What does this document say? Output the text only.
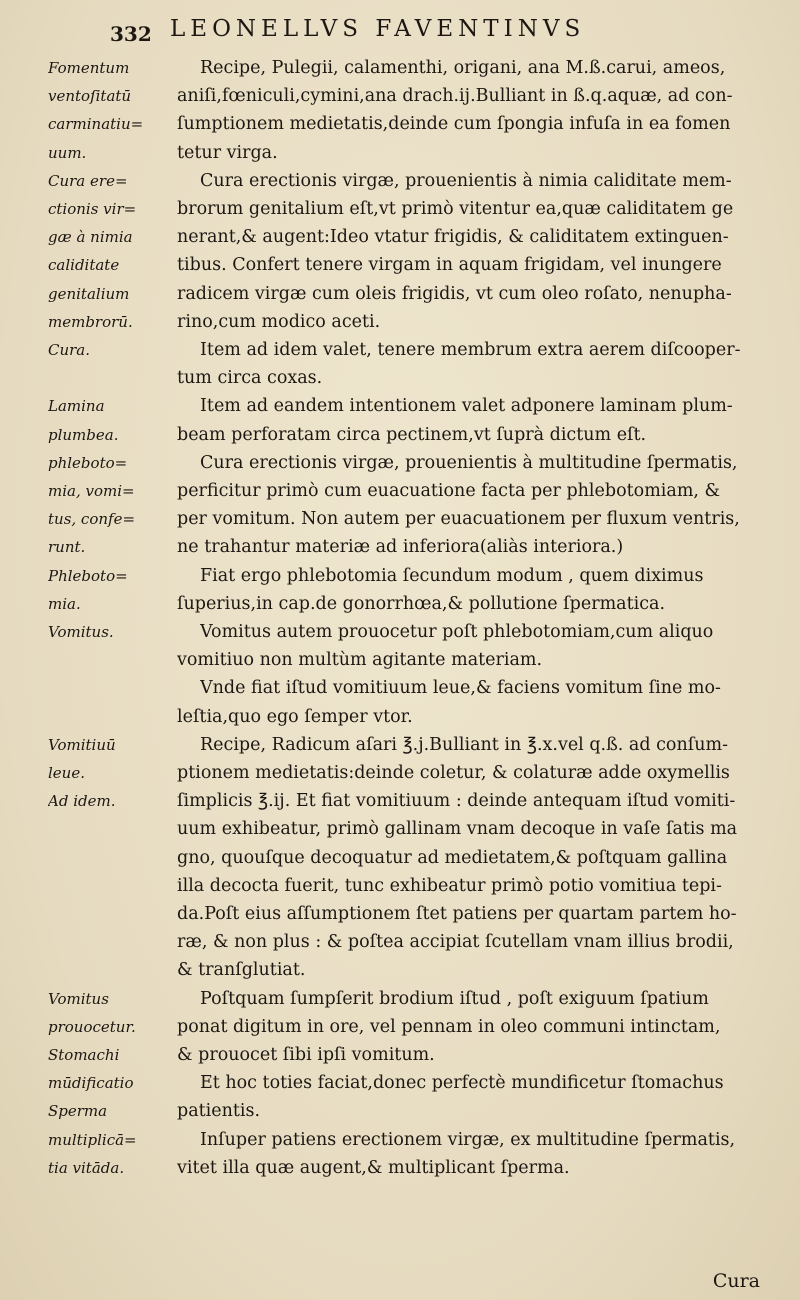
332 LEONELLVS FAVENTINVS
Fomentum	Recipe, Pulegii, calamenthi, origani, ana M.ß.carui, ameos,
ventoſitatū	aniſi,fœniculi,cymini,ana drach.ij.Bulliant in ß.q.aquæ, ad con-
carminatiu=	ſumptionem medietatis,deinde cum ſpongia infuſa in ea fomen
uum.	tetur virga.
Cura ere=	Cura erectionis virgæ, prouenientis à nimia caliditate mem-
ctionis vir=	brorum genitalium eſt,vt primò vitentur ea,quæ caliditatem ge
gæ à nimia	nerant,& augent:Ideo vtatur frigidis, & caliditatem extinguen-
caliditate	tibus. Confert tenere virgam in aquam frigidam, vel inungere
genitalium	radicem virgæ cum oleis frigidis, vt cum oleo roſato, nenupha-
membrorū.	rino,cum modico aceti.
Cura.	Item ad idem valet, tenere membrum extra aerem diſcooper-
tum circa coxas.
Lamina	Item ad eandem intentionem valet adponere laminam plum-
plumbea.	beam perforatam circa pectinem,vt ſuprà dictum eſt.
phleboto=	Cura erectionis virgæ, prouenientis à multitudine ſpermatis,
mia, vomi=	perficitur primò cum euacuatione facta per phlebotomiam, &
tus, confe=	per vomitum. Non autem per euacuationem per fluxum ventris,
runt.	ne trahantur materiæ ad inferiora(aliàs interiora.)
Phleboto=	Fiat ergo phlebotomia ſecundum modum , quem diximus
mia.	ſuperius,in cap.de gonorrhœa,& pollutione ſpermatica.
Vomitus.	Vomitus autem prouocetur poſt phlebotomiam,cum aliquo
vomitiuo non multùm agitante materiam.
Vnde fiat iſtud vomitiuum leue,& faciens vomitum ſine mo-
leſtia,quo ego ſemper vtor.
Vomitiuū	Recipe, Radicum aſari ℥.j.Bulliant in ℥.x.vel q.ß. ad conſum-
leue.	ptionem medietatis:deinde coletur, & colaturæ adde oxymellis
Ad idem.	ſimplicis ℥.ij. Et fiat vomitiuum : deinde antequam iſtud vomiti-
uum exhibeatur, primò gallinam vnam decoque in vaſe ſatis ma
gno, quouſque decoquatur ad medietatem,& poſtquam gallina
illa decocta fuerit, tunc exhibeatur primò potio vomitiua tepi-
da.Poſt eius aſſumptionem ſtet patiens per quartam partem ho-
ræ, & non plus : & poſtea accipiat ſcutellam vnam illius brodii,
& tranſglutiat.
Vomitus	Poſtquam ſumpſerit brodium iſtud , poſt exiguum ſpatium
prouocetur.	ponat digitum in ore, vel pennam in oleo communi intinctam,
Stomachi	& prouocet ſibi ipſi vomitum.
mūdificatio	Et hoc toties faciat,donec perfectè mundificetur ſtomachus
Sperma	patientis.
multiplicā=	Inſuper patiens erectionem virgæ, ex multitudine ſpermatis,
tia vitāda.	vitet illa quæ augent,& multiplicant ſperma.
Cura
